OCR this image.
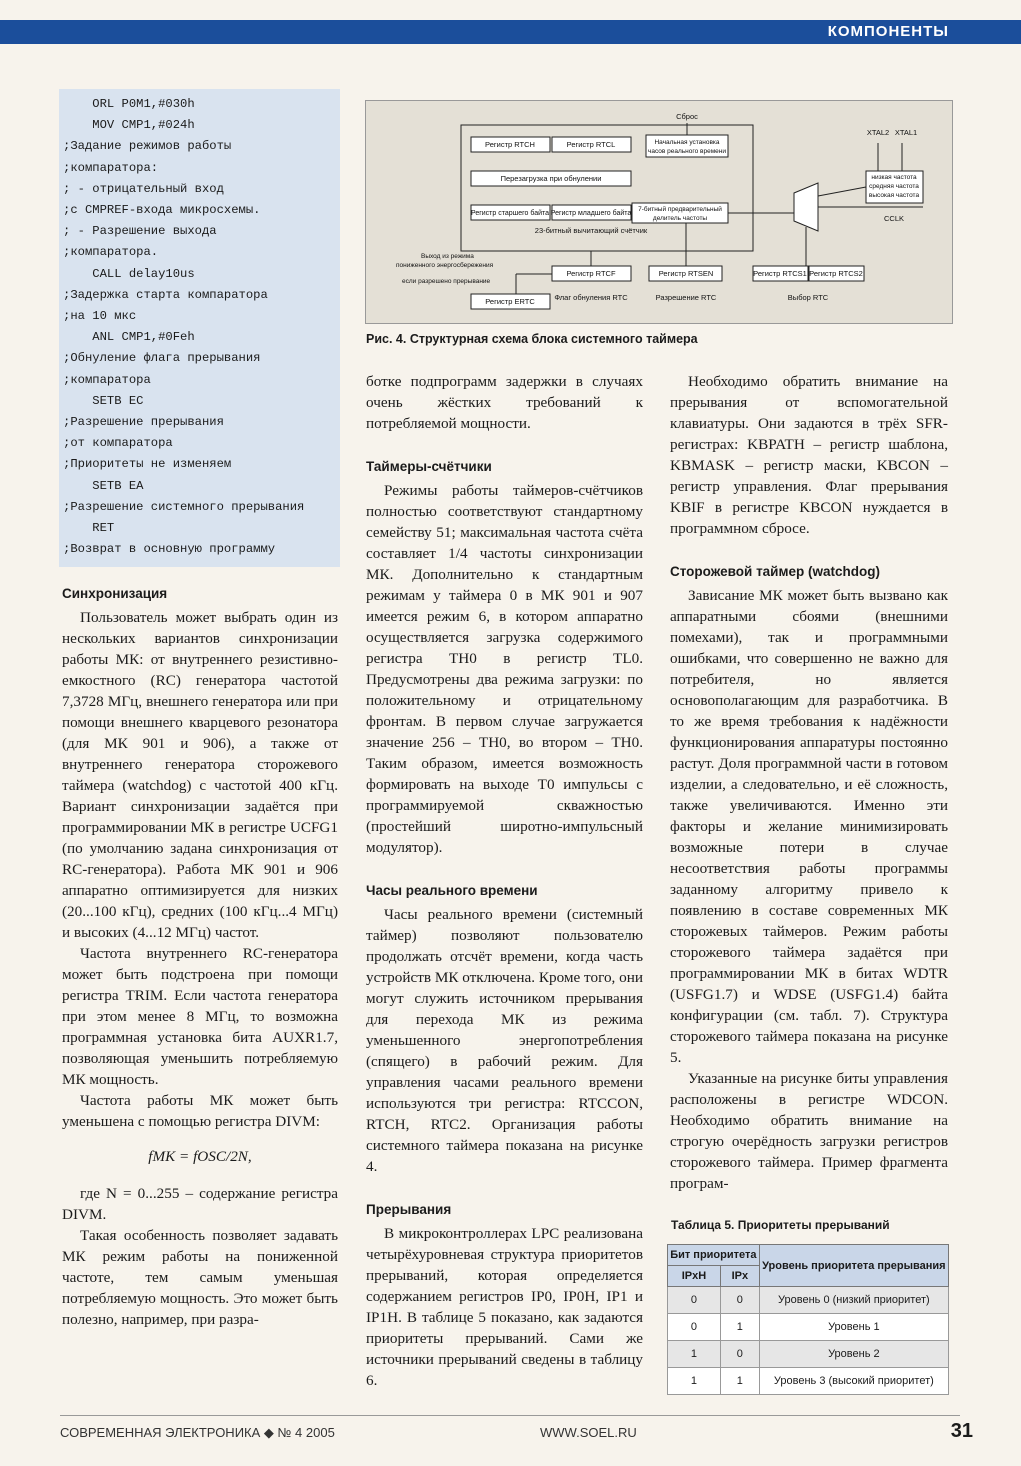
КОМПОНЕНТЫ
ORL P0M1,#030h
MOV CMP1,#024h
;Задание режимов работы
;компаратора:
; - отрицательный вход
;с CMPREF-входа микросхемы.
; - Разрешение выхода
;компаратора.
CALL delay10us
;Задержка старта компаратора
;на 10 мкс
ANL CMP1,#0Feh
;Обнуление флага прерывания
;компаратора
SETB EC
;Разрешение прерывания
;от компаратора
;Приоритеты не изменяем
SETB EA
;Разрешение системного прерывания
RET
;Возврат в основную программу
Сброс
Регистр RTCH	Регистр RTCL	Начальная установка
часов реального времени
Перезагрузка при обнулении
Регистр старшего байта Регистр младшего байта
7-битный предварительный
делитель частоты
23-битный вычитающий счётчик
XTAL2 XTAL1
низкая частота
средняя частота
высокая частота
CCLK
Выход из режима
пониженного энергосбережения
если разрешено прерывание
Регистр RTCF	Регистр RTSEN	Регистр RTCS1 Регистр RTCS2
Регистр ERTC	Флаг обнуления RTC	Разрешение RTC	Выбор RTC
Рис. 4. Структурная схема блока системного таймера
Синхронизация

Пользователь может выбрать один из нескольких вариантов синхронизации работы МК: от внутреннего резистивно-емкостного (RC) генератора частотой 7,3728 МГц, внешнего генератора или при помощи внешнего кварцевого резонатора (для МК 901 и 906), а также от внутреннего генератора сторожевого таймера (watchdog) с частотой 400 кГц. Вариант синхронизации задаётся при программировании МК в регистре UCFG1 (по умолчанию задана синхронизация от RC-генератора). Работа МК 901 и 906 аппаратно оптимизируется для низких (20...100 кГц), средних (100 кГц...4 МГц) и высоких (4...12 МГц) частот.

Частота внутреннего RC-генератора может быть подстроена при помощи регистра TRIM. Если частота генератора при этом менее 8 МГц, то возможна программная установка бита AUXR1.7, позволяющая уменьшить потребляемую МК мощность.

Частота работы МК может быть уменьшена с помощью регистра DIVM:

fМК = fOSC/2N,

где N = 0...255 – содержание регистра DIVM.

Такая особенность позволяет задавать МК режим работы на пониженной частоте, тем самым уменьшая потребляемую мощность. Это может быть полезно, например, при разра-

ботке подпрограмм задержки в случаях очень жёстких требований к потребляемой мощности.

Таймеры-счётчики

Режимы работы таймеров-счётчиков полностью соответствуют стандартному семейству 51; максимальная частота счёта составляет 1/4 частоты синхронизации МК. Дополнительно к стандартным режимам у таймера 0 в МК 901 и 907 имеется режим 6, в котором аппаратно осуществляется загрузка содержимого регистра TH0 в регистр TL0. Предусмотрены два режима загрузки: по положительному и отрицательному фронтам. В первом случае загружается значение 256 – TH0, во втором – TH0. Таким образом, имеется возможность формировать на выходе T0 импульсы с программируемой скважностью (простейший широтно-импульсный модулятор).

Часы реального времени

Часы реального времени (системный таймер) позволяют пользователю продолжать отсчёт времени, когда часть устройств МК отключена. Кроме того, они могут служить источником прерывания для перехода МК из режима уменьшенного энергопотребления (спящего) в рабочий режим. Для управления часами реального времени используются три регистра: RTCCON, RTCH, RTC2. Организация работы системного таймера показана на рисунке 4.

Прерывания

В микроконтроллерах LPC реализована четырёхуровневая структура приоритетов прерываний, которая определяется содержанием регистров IP0, IP0H, IP1 и IP1H. В таблице 5 показано, как задаются приоритеты прерываний. Сами же источники прерываний сведены в таблицу 6.

Необходимо обратить внимание на прерывания от вспомогательной клавиатуры. Они задаются в трёх SFR-регистрах: KBPATH – регистр шаблона, KBMASK – регистр маски, KBCON – регистр управления. Флаг прерывания KBIF в регистре KBCON нуждается в программном сбросе.

Сторожевой таймер (watchdog)

Зависание МК может быть вызвано как аппаратными сбоями (внешними помехами), так и программными ошибками, что совершенно не важно для потребителя, но является основополагающим для разработчика. В то же время требования к надёжности функционирования аппаратуры постоянно растут. Доля программной части в готовом изделии, а следовательно, и её сложность, также увеличиваются. Именно эти факторы и желание минимизировать возможные потери в случае несоответствия работы программы заданному алгоритму привело к появлению в составе современных МК сторожевых таймеров. Режим работы сторожевого таймера задаётся при программировании МК в битах WDTR (USFG1.7) и WDSE (USFG1.4) байта конфигурации (см. табл. 7). Структура сторожевого таймера показана на рисунке 5.

Указанные на рисунке биты управления расположены в регистре WDCON. Необходимо обратить внимание на строгую очерёдность загрузки регистров сторожевого таймера. Пример фрагмента програм-

Таблица 5. Приоритеты прерываний
Бит приоритета		Уровень приоритета прерывания
IPxH	IPx	
0	0	Уровень 0 (низкий приоритет)
0	1	Уровень 1
1	0	Уровень 2
1	1	Уровень 3 (высокий приоритет)
СОВРЕМЕННАЯ ЭЛЕКТРОНИКА ◆ № 4 2005	WWW.SOEL.RU	31
